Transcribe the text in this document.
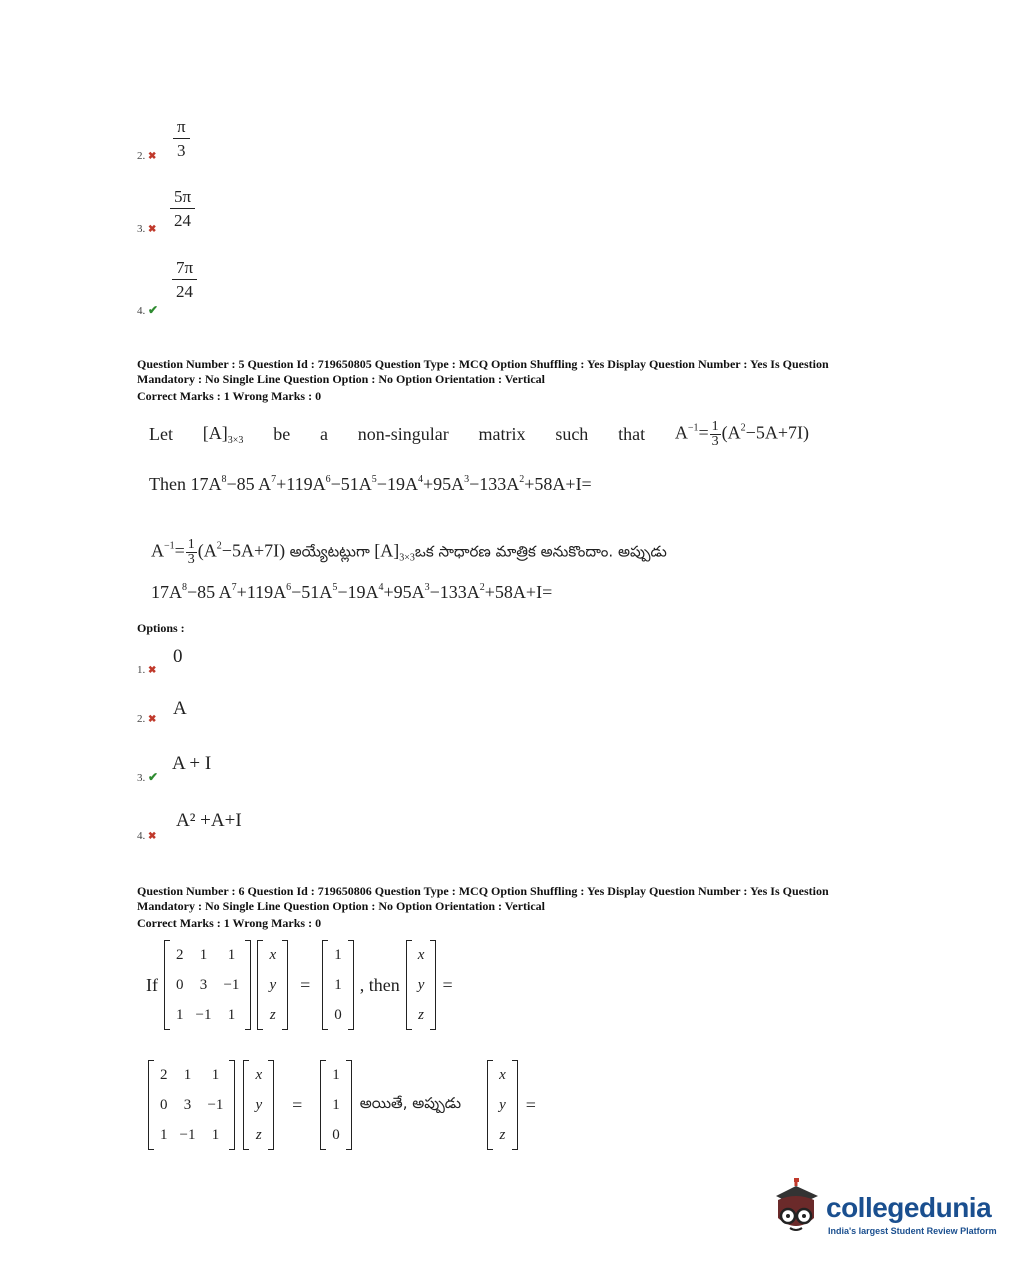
$\frac{\pi}{3}$
2. ✖
$\frac{5\pi}{24}$
3. ✖
$\frac{7\pi}{24}$
4. ✔
Question Number : 5 Question Id : 719650805 Question Type : MCQ Option Shuffling : Yes Display Question Number : Yes Is Question
Mandatory : No Single Line Question Option : No Option Orientation : Vertical
Correct Marks : 1 Wrong Marks : 0
Let $[A]_{3\times 3}$ be a non-singular matrix such that $A^{-1}= \frac{1}{3} (A^2-5A+7I)$
Then $17A^8-85$ $A^7+119A^6-51A^5-19A^4+95A^3-133A^2+58A+I=$
$A^{-1}= \frac{1}{3} (A^2-5A+7I)$ అయ్యేటట్లుగా $[A]_{3\times 3}ఒక$ సాధారణ మాత్రిక అనుకొందాం. అప్పుడు
$17A^8-85$ $A^7+119A^6-51A^5-19A^4+95A^3-133A^2+58A+I=$
Options :
0
1. ✖
A
2. ✖
A + I
3. ✔
A² +A+I
4. ✖
Question Number : 6 Question Id : 719650806 Question Type : MCQ Option Shuffling : Yes Display Question Number : Yes Is Question
Mandatory : No Single Line Question Option : No Option Orientation : Vertical
Correct Marks : 1 Wrong Marks : 0
If
2	1	1
0	3	−1
1	−1	1
x
y
z
=
1
1
0
, then
x
y
z
=
2	1	1
0	3	−1
1	−1	1
x
y
z
=
1
1
0
అయితే, అప్పుడు
x
y
z
=
collegedunia
India's largest Student Review Platform
